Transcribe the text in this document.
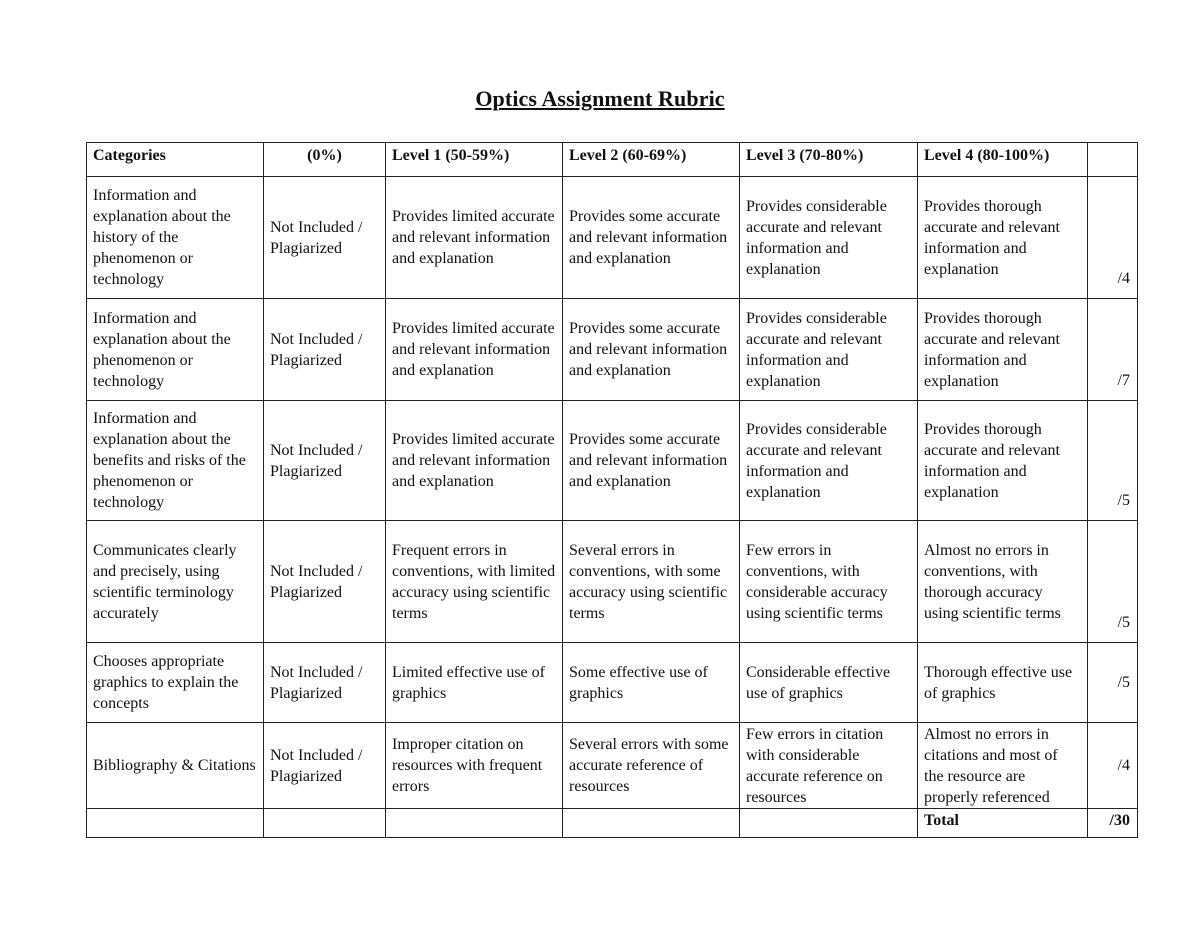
Optics Assignment Rubric
Categories	(0%)	Level 1 (50-59%)	Level 2 (60-69%)	Level 3 (70-80%)	Level 4 (80-100%)	
Information and explanation about the history of the phenomenon or technology	Not Included / Plagiarized	Provides limited accurate and relevant information and explanation	Provides some accurate and relevant information and explanation	Provides considerable accurate and relevant information and explanation	Provides thorough accurate and relevant information and explanation	/4
Information and explanation about the phenomenon or technology	Not Included / Plagiarized	Provides limited accurate and relevant information and explanation	Provides some accurate and relevant information and explanation	Provides considerable accurate and relevant information and explanation	Provides thorough accurate and relevant information and explanation	/7
Information and explanation about the benefits and risks of the phenomenon or technology	Not Included / Plagiarized	Provides limited accurate and relevant information and explanation	Provides some accurate and relevant information and explanation	Provides considerable accurate and relevant information and explanation	Provides thorough accurate and relevant information and explanation	/5
Communicates clearly and precisely, using scientific terminology accurately	Not Included / Plagiarized	Frequent errors in conventions, with limited accuracy using scientific terms	Several errors in conventions, with some accuracy using scientific terms	Few errors in conventions, with considerable accuracy using scientific terms	Almost no errors in conventions, with thorough accuracy using scientific terms	/5
Chooses appropriate graphics to explain the concepts	Not Included / Plagiarized	Limited effective use of graphics	Some effective use of graphics	Considerable effective use of graphics	Thorough effective use of graphics	/5
Bibliography & Citations	Not Included / Plagiarized	Improper citation on resources with frequent errors	Several errors with some accurate reference of resources	Few errors in citation with considerable accurate reference on resources	Almost no errors in citations and most of the resource are properly referenced	/4
					Total	/30
